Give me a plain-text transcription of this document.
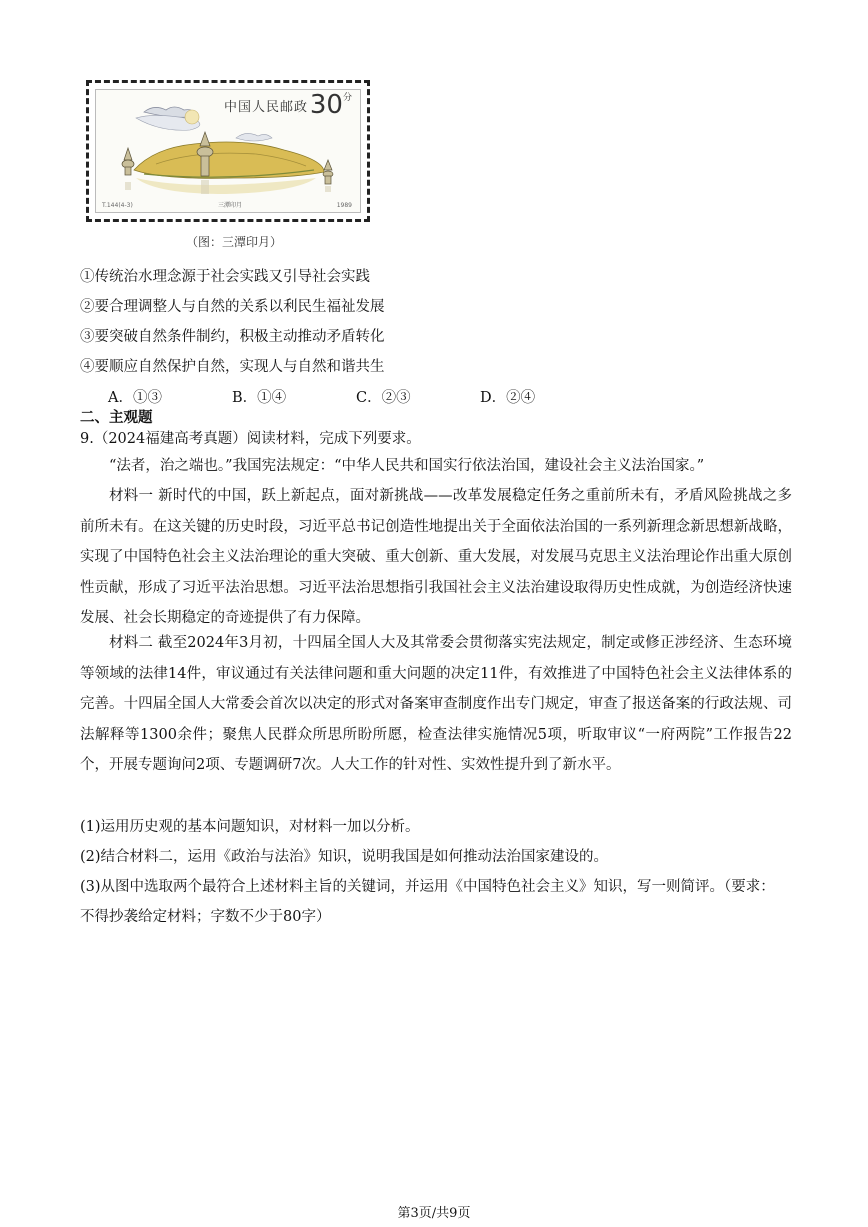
中国人民邮政 $30^分$
T.144(4-3)	三潭印月	1989
（图：三潭印月）
①传统治水理念源于社会实践又引导社会实践
②要合理调整人与自然的关系以利民生福祉发展
③要突破自然条件制约，积极主动推动矛盾转化
④要顺应自然保护自然，实现人与自然和谐共生
A．①③	B．①④	C．②③	D．②④
二、主观题
9.（2024福建高考真题）阅读材料，完成下列要求。
“法者，治之端也。”我国宪法规定：“中华人民共和国实行依法治国，建设社会主义法治国家。”
材料一 新时代的中国，跃上新起点，面对新挑战——改革发展稳定任务之重前所未有，矛盾风险挑战之多前所未有。在这关键的历史时段，习近平总书记创造性地提出关于全面依法治国的一系列新理念新思想新战略，实现了中国特色社会主义法治理论的重大突破、重大创新、重大发展，对发展马克思主义法治理论作出重大原创性贡献，形成了习近平法治思想。习近平法治思想指引我国社会主义法治建设取得历史性成就，为创造经济快速发展、社会长期稳定的奇迹提供了有力保障。
材料二 截至2024年3月初，十四届全国人大及其常委会贯彻落实宪法规定，制定或修正涉经济、生态环境等领域的法律14件，审议通过有关法律问题和重大问题的决定11件，有效推进了中国特色社会主义法律体系的完善。十四届全国人大常委会首次以决定的形式对备案审查制度作出专门规定，审查了报送备案的行政法规、司法解释等1300余件；聚焦人民群众所思所盼所愿，检查法律实施情况5项，听取审议“一府两院”工作报告22个，开展专题询问2项、专题调研7次。人大工作的针对性、实效性提升到了新水平。
(1)运用历史观的基本问题知识，对材料一加以分析。
(2)结合材料二，运用《政治与法治》知识，说明我国是如何推动法治国家建设的。
(3)从图中选取两个最符合上述材料主旨的关键词，并运用《中国特色社会主义》知识，写一则简评。（要求：
不得抄袭给定材料；字数不少于80字）
第3页/共9页
